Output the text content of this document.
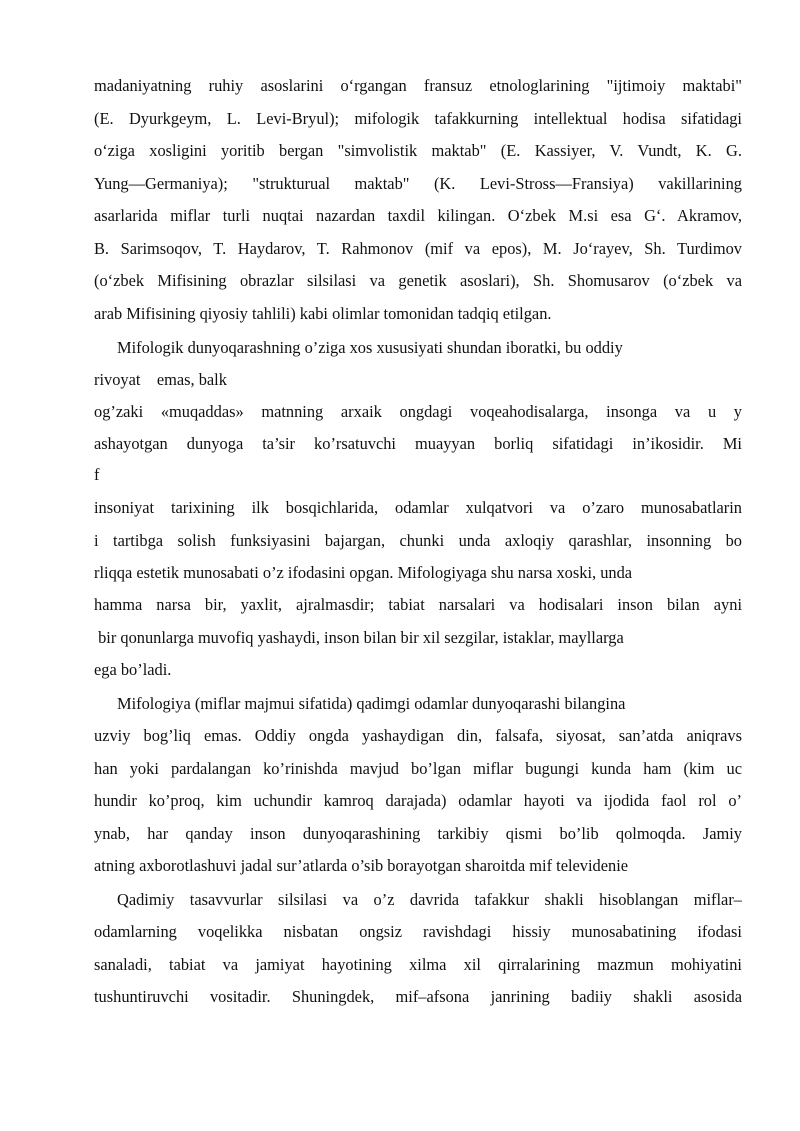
madaniyatning ruhiy asoslarini oʻrgangan fransuz etnologlarining "ijtimoiy maktabi"
(E. Dyurkgeym, L. Levi-Bryul); mifologik tafakkurning intellektual hodisa sifatidagi
oʻziga xosligini yoritib bergan "simvolistik maktab" (E. Kassiyer, V. Vundt, K. G.
Yung—Germaniya); "strukturual maktab" (K. Levi-Stross—Fransiya) vakillarining
asarlarida miflar turli nuqtai nazardan taxdil kilingan. Oʻzbek M.si esa Gʻ. Akramov,
B. Sarimsoqov, T. Haydarov, T. Rahmonov (mif va epos), M. Joʻrayev, Sh. Turdimov
(oʻzbek Mifisining obrazlar silsilasi va genetik asoslari), Sh. Shomusarov (oʻzbek va
arab Mifisining qiyosiy tahlili) kabi olimlar tomonidan tadqiq etilgan.
Mifologik dunyoqarashning o’ziga xos xususiyati shundan iboratki, bu oddiy
rivoyat    emas, balk
og’zaki «muqaddas» matnning arxaik ongdagi voqeahodisalarga, insonga va u y
ashayotgan dunyoga ta’sir ko’rsatuvchi muayyan borliq sifatidagi in’ikosidir. Mi
f
insoniyat tarixining ilk bosqichlarida, odamlar xulqatvori va o’zaro munosabatlarin
i tartibga solish funksiyasini bajargan, chunki unda axloqiy qarashlar, insonning bo
rliqqa estetik munosabati o’z ifodasini opgan. Mifologiyaga shu narsa xoski, unda
hamma narsa bir, yaxlit, ajralmasdir; tabiat narsalari va hodisalari inson bilan ayni
bir qonunlarga muvofiq yashaydi, inson bilan bir xil sezgilar, istaklar, mayllarga
ega bo’ladi.
Mifologiya (miflar majmui sifatida) qadimgi odamlar dunyoqarashi bilangina
uzviy bog’liq emas. Oddiy ongda yashaydigan din, falsafa, siyosat, san’atda aniqravs
han yoki pardalangan ko’rinishda mavjud bo’lgan miflar bugungi kunda ham (kim uc
hundir ko’proq, kim uchundir kamroq darajada) odamlar hayoti va ijodida faol rol o’
ynab, har qanday inson dunyoqarashining tarkibiy qismi bo’lib qolmoqda. Jamiy
atning axborotlashuvi jadal sur’atlarda o’sib borayotgan sharoitda mif televidenie
Qadimiy tasavvurlar silsilasi va o’z davrida tafakkur shakli hisoblangan miflar–
odamlarning voqelikka nisbatan ongsiz ravishdagi hissiy munosabatining ifodasi
sanaladi, tabiat va jamiyat hayotining xilma xil qirralarining mazmun mohiyatini
tushuntiruvchi vositadir. Shuningdek, mif–afsona janrining badiiy shakli asosida
